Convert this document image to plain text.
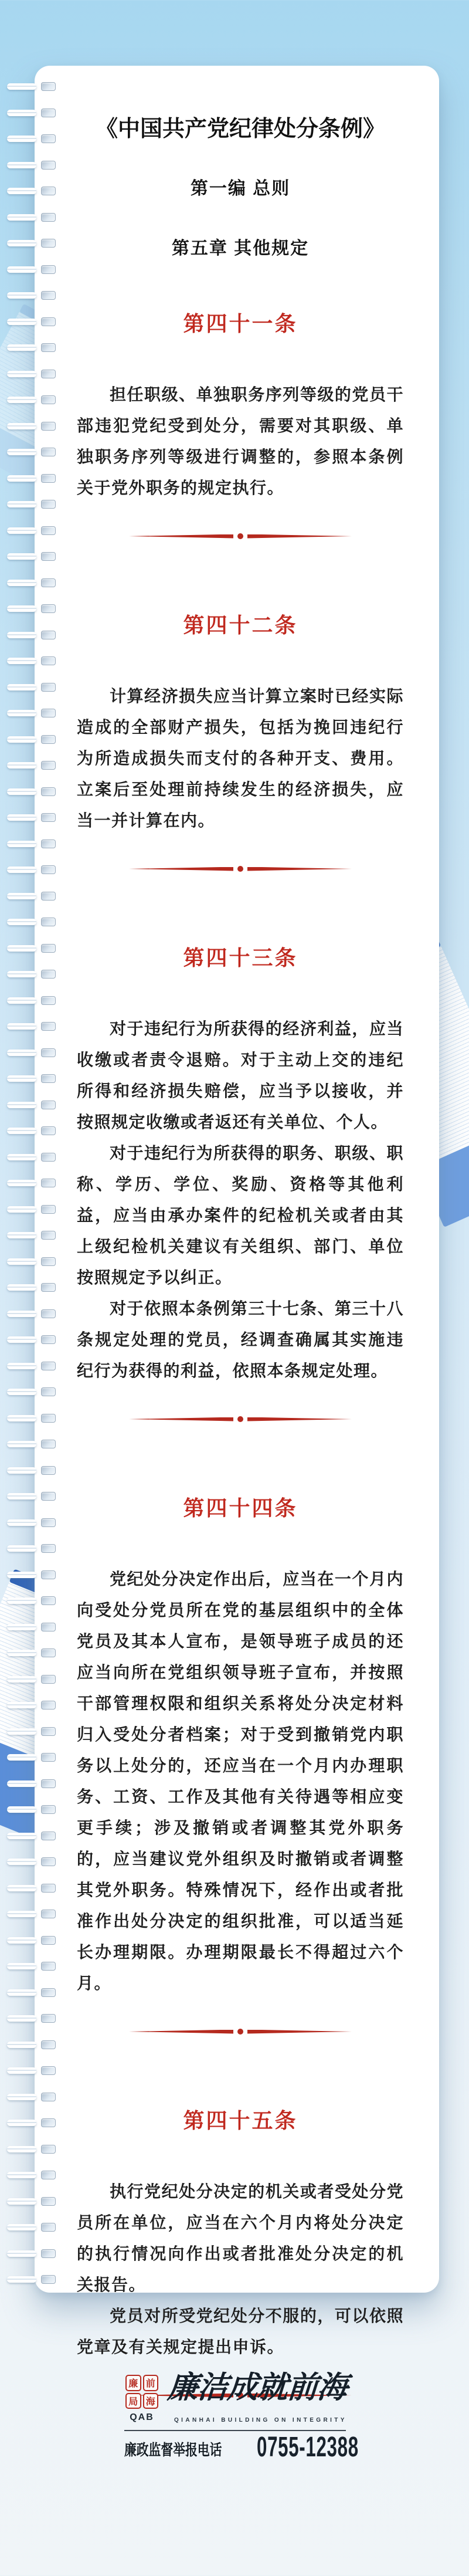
《中国共产党纪律处分条例》
第一编 总则
第五章 其他规定
第四十一条

担任职级、单独职务序列等级的党员干部违犯党纪受到处分，需要对其职级、单独职务序列等级进行调整的，参照本条例关于党外职务的规定执行。

第四十二条

计算经济损失应当计算立案时已经实际造成的全部财产损失，包括为挽回违纪行为所造成损失而支付的各种开支、费用。立案后至处理前持续发生的经济损失，应当一并计算在内。

第四十三条

对于违纪行为所获得的经济利益，应当收缴或者责令退赔。对于主动上交的违纪所得和经济损失赔偿，应当予以接收，并按照规定收缴或者返还有关单位、个人。

对于违纪行为所获得的职务、职级、职称、学历、学位、奖励、资格等其他利益，应当由承办案件的纪检机关或者由其上级纪检机关建议有关组织、部门、单位按照规定予以纠正。

对于依照本条例第三十七条、第三十八条规定处理的党员，经调查确属其实施违纪行为获得的利益，依照本条规定处理。

第四十四条

党纪处分决定作出后，应当在一个月内向受处分党员所在党的基层组织中的全体党员及其本人宣布，是领导班子成员的还应当向所在党组织领导班子宣布，并按照干部管理权限和组织关系将处分决定材料归入受处分者档案；对于受到撤销党内职务以上处分的，还应当在一个月内办理职务、工资、工作及其他有关待遇等相应变更手续；涉及撤销或者调整其党外职务的，应当建议党外组织及时撤销或者调整其党外职务。特殊情况下，经作出或者批准作出处分决定的组织批准，可以适当延长办理期限。办理期限最长不得超过六个月。

第四十五条

执行党纪处分决定的机关或者受处分党员所在单位，应当在六个月内将处分决定的执行情况向作出或者批准处分决定的机关报告。

党员对所受党纪处分不服的，可以依照党章及有关规定提出申诉。

廉 前
局 海
QAB
廉洁成就前海
QIANHAI BUILDING ON INTEGRITY
廉政监督举报电话 0755-12388
